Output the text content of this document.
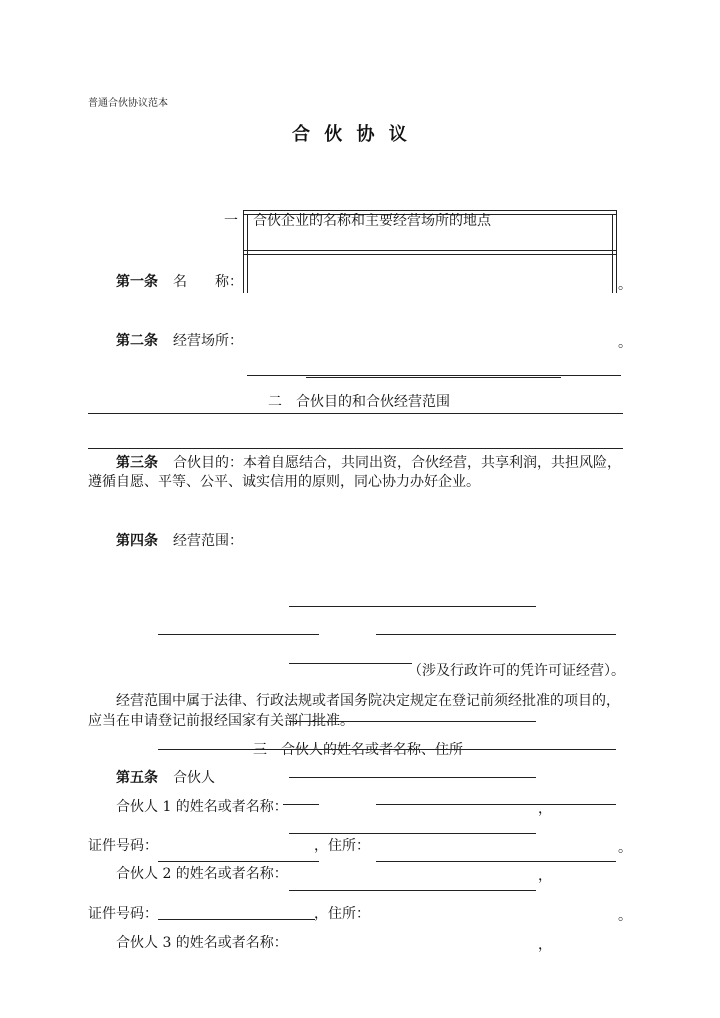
普通合伙协议范本
合 伙 协 议
一 合伙企业的名称和主要经营场所的地点
第一条 名　　称：	。
第二条 经营场所：	。
二　合伙目的和合伙经营范围
第三条 合伙目的：本着自愿结合，共同出资，合伙经营，共享利润，共担风险，
遵循自愿、平等、公平、诚实信用的原则，同心协力办好企业。
第四条 经营范围：
（涉及行政许可的凭许可证经营）。
经营范围中属于法律、行政法规或者国务院决定规定在登记前须经批准的项目的，
应当在申请登记前报经国家有关部门批准。
三　合伙人的姓名或者名称、住所
第五条 合伙人
合伙人 1 的姓名或者名称：	，
证件号码：	，住所：	。
合伙人 2 的姓名或者名称：	，
证件号码：	，住所：	。
合伙人 3 的姓名或者名称：	，
